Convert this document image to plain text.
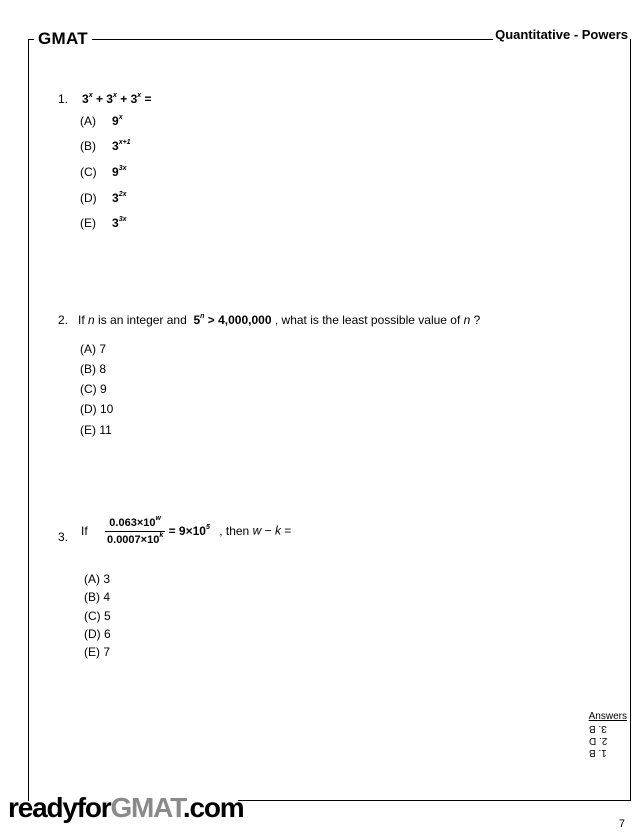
GMAT	Quantitative - Powers
1. $3^x + 3^x + 3^x$ =
(A) 9$^x$
(B) $3^{x+1}$
(C) $9^{3x}$
(D) $3^{2x}$
(E) $3^{3x}$
2. If n is an integer and $5^n > 4,000,000$ , what is the least possible value of n ?
(A) 7
(B) 8
(C) 9
(D) 10
(E) 11
3. If $\frac{0.063\times 10^w}{0.0007\times 10^k} = 9\times 10^5$ , then w − k =
(A) 3
(B) 4
(C) 5
(D) 6
(E) 7
Answers
3. B
2. D
1. B
readyforGMAT.com
7
